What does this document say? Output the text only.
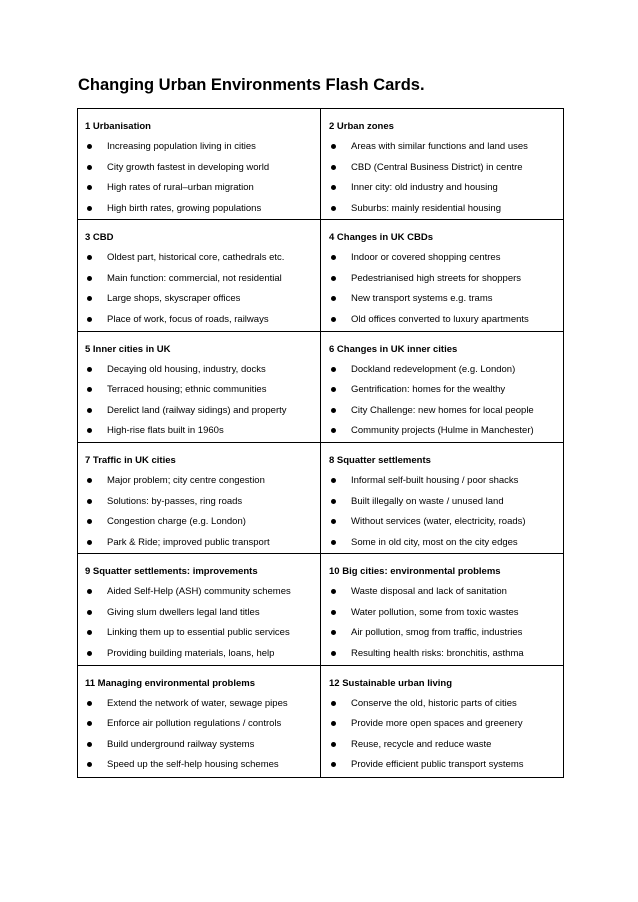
Changing Urban Environments Flash Cards.
1 Urbanisation
Increasing population living in cities
City growth fastest in developing world
High rates of rural–urban migration
High birth rates, growing populations
2 Urban zones
Areas with similar functions and land uses
CBD (Central Business District) in centre
Inner city: old industry and housing
Suburbs: mainly residential housing
3 CBD
Oldest part, historical core, cathedrals etc.
Main function: commercial, not residential
Large shops, skyscraper offices
Place of work, focus of roads, railways
4 Changes in UK CBDs
Indoor or covered shopping centres
Pedestrianised high streets for shoppers
New transport systems e.g. trams
Old offices converted to luxury apartments
5 Inner cities in UK
Decaying old housing, industry, docks
Terraced housing; ethnic communities
Derelict land (railway sidings) and property
High-rise flats built in 1960s
6 Changes in UK inner cities
Dockland redevelopment (e.g. London)
Gentrification: homes for the wealthy
City Challenge: new homes for local people
Community projects (Hulme in Manchester)
7 Traffic in UK cities
Major problem; city centre congestion
Solutions: by-passes, ring roads
Congestion charge (e.g. London)
Park & Ride; improved public transport
8 Squatter settlements
Informal self-built housing / poor shacks
Built illegally on waste / unused land
Without services (water, electricity, roads)
Some in old city, most on the city edges
9 Squatter settlements: improvements
Aided Self-Help (ASH) community schemes
Giving slum dwellers legal land titles
Linking them up to essential public services
Providing building materials, loans, help
10 Big cities: environmental problems
Waste disposal and lack of sanitation
Water pollution, some from toxic wastes
Air pollution, smog from traffic, industries
Resulting health risks: bronchitis, asthma
11 Managing environmental problems
Extend the network of water, sewage pipes
Enforce air pollution regulations / controls
Build underground railway systems
Speed up the self-help housing schemes
12 Sustainable urban living
Conserve the old, historic parts of cities
Provide more open spaces and greenery
Reuse, recycle and reduce waste
Provide efficient public transport systems
